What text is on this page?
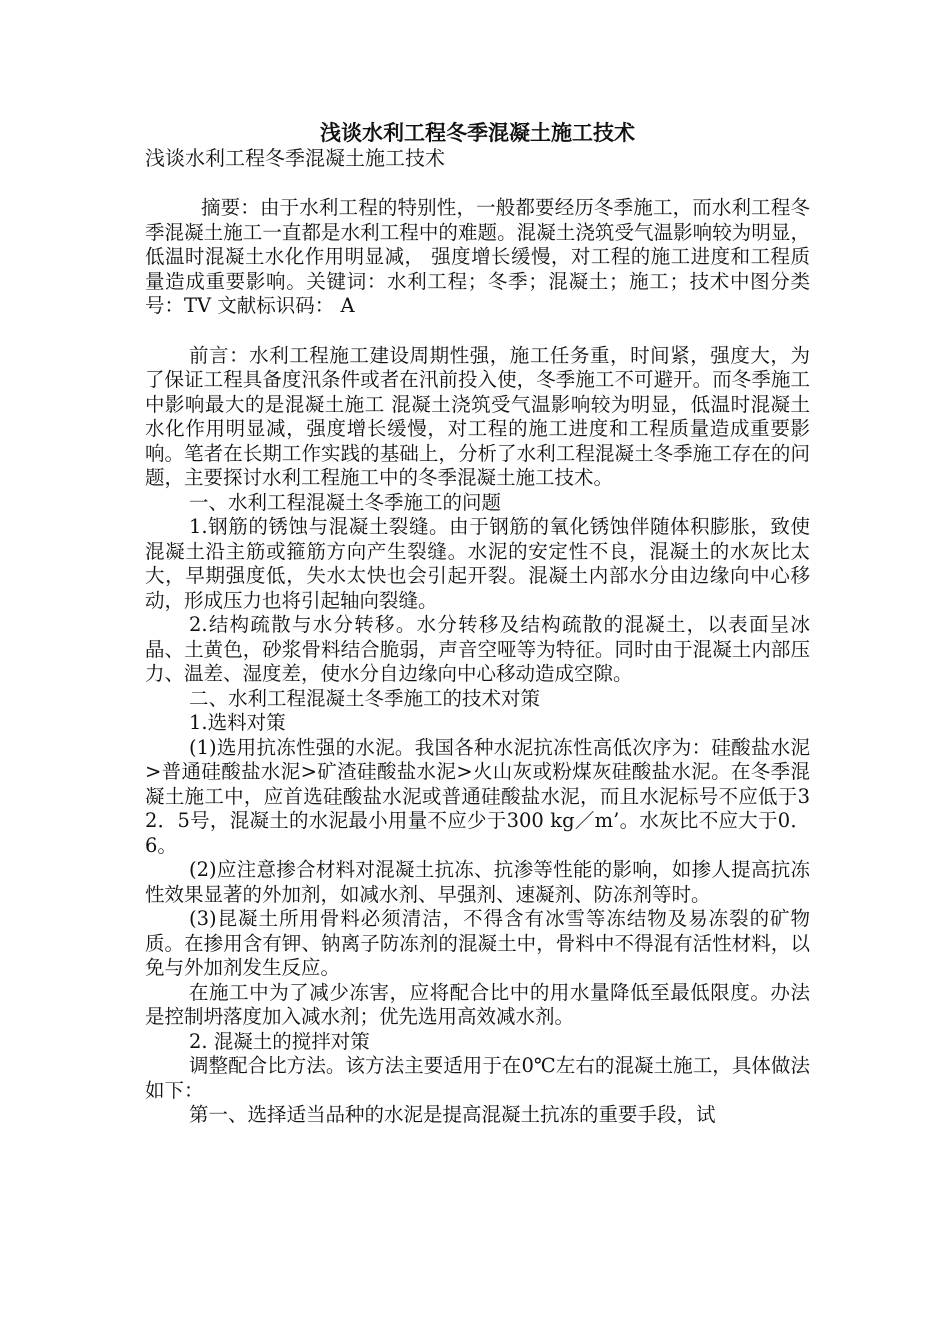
浅谈水利工程冬季混凝土施工技术

浅谈水利工程冬季混凝土施工技术

摘要：由于水利工程的特别性，一般都要经历冬季施工，而水利工程冬季混凝土施工一直都是水利工程中的难题。混凝土浇筑受气温影响较为明显，低温时混凝土水化作用明显减， 强度增长缓慢，对工程的施工进度和工程质量造成重要影响。关键词：水利工程；冬季；混凝土；施工；技术中图分类号：TV 文献标识码： A

前言：水利工程施工建设周期性强，施工任务重，时间紧，强度大，为了保证工程具备度汛条件或者在汛前投入使，冬季施工不可避开。而冬季施工中影响最大的是混凝土施工 混凝土浇筑受气温影响较为明显，低温时混凝土水化作用明显减，强度增长缓慢，对工程的施工进度和工程质量造成重要影响。笔者在长期工作实践的基础上，分析了水利工程混凝土冬季施工存在的问题，主要探讨水利工程施工中的冬季混凝土施工技术。

一、水利工程混凝土冬季施工的问题

1.钢筋的锈蚀与混凝土裂缝。由于钢筋的氧化锈蚀伴随体积膨胀，致使混凝土沿主筋或箍筋方向产生裂缝。水泥的安定性不良，混凝土的水灰比太大，早期强度低，失水太快也会引起开裂。混凝土内部水分由边缘向中心移动，形成压力也将引起轴向裂缝。

2.结构疏散与水分转移。水分转移及结构疏散的混凝土，以表面呈冰晶、土黄色，砂浆骨料结合脆弱，声音空哑等为特征。同时由于混凝土内部压力、温差、湿度差，使水分自边缘向中心移动造成空隙。

二、水利工程混凝土冬季施工的技术对策

1.选料对策

(1)选用抗冻性强的水泥。我国各种水泥抗冻性高低次序为：硅酸盐水泥>普通硅酸盐水泥>矿渣硅酸盐水泥>火山灰或粉煤灰硅酸盐水泥。在冬季混凝土施工中，应首选硅酸盐水泥或普通硅酸盐水泥，而且水泥标号不应低于32．5号，混凝土的水泥最小用量不应少于300 kg／m’。水灰比不应大于0．6。

(2)应注意掺合材料对混凝土抗冻、抗渗等性能的影响，如掺人提高抗冻性效果显著的外加剂，如减水剂、早强剂、速凝剂、防冻剂等时。

(3)昆凝土所用骨料必须清洁，不得含有冰雪等冻结物及易冻裂的矿物质。在掺用含有钾、钠离子防冻剂的混凝土中，骨料中不得混有活性材料，以免与外加剂发生反应。

在施工中为了减少冻害，应将配合比中的用水量降低至最低限度。办法是控制坍落度加入减水剂；优先选用高效减水剂。

2. 混凝土的搅拌对策

调整配合比方法。该方法主要适用于在0℃左右的混凝土施工，具体做法如下：

第一、选择适当品种的水泥是提高混凝土抗冻的重要手段，试
